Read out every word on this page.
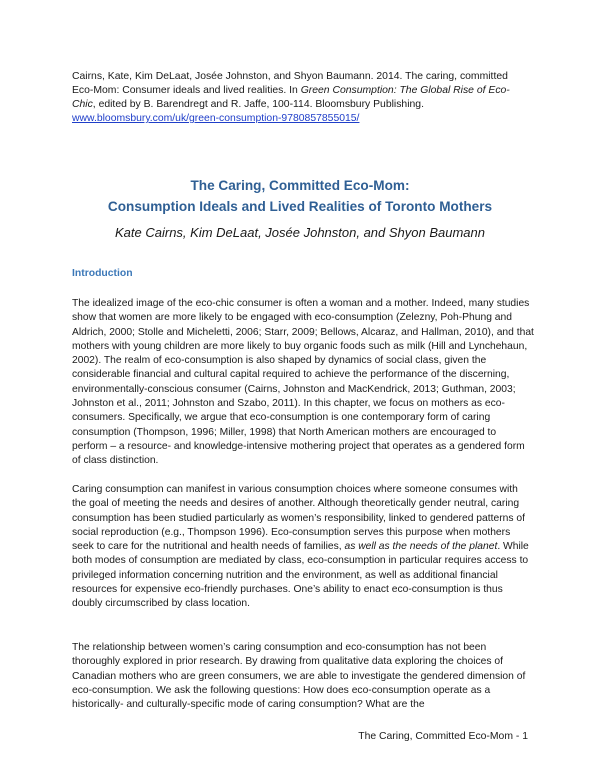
Cairns, Kate, Kim DeLaat, Josée Johnston, and Shyon Baumann. 2014. The caring, committed Eco-Mom: Consumer ideals and lived realities. In Green Consumption: The Global Rise of Eco-Chic, edited by B. Barendregt and R. Jaffe, 100-114. Bloomsbury Publishing.
www.bloomsbury.com/uk/green-consumption-9780857855015/
The Caring, Committed Eco-Mom:
Consumption Ideals and Lived Realities of Toronto Mothers
Kate Cairns, Kim DeLaat, Josée Johnston, and Shyon Baumann
Introduction

The idealized image of the eco-chic consumer is often a woman and a mother. Indeed, many studies show that women are more likely to be engaged with eco-consumption (Zelezny, Poh-Phung and Aldrich, 2000; Stolle and Micheletti, 2006; Starr, 2009; Bellows, Alcaraz, and Hallman, 2010), and that mothers with young children are more likely to buy organic foods such as milk (Hill and Lynchehaun, 2002). The realm of eco-consumption is also shaped by dynamics of social class, given the considerable financial and cultural capital required to achieve the performance of the discerning, environmentally-conscious consumer (Cairns, Johnston and MacKendrick, 2013; Guthman, 2003; Johnston et al., 2011; Johnston and Szabo, 2011). In this chapter, we focus on mothers as eco-consumers. Specifically, we argue that eco-consumption is one contemporary form of caring consumption (Thompson, 1996; Miller, 1998) that North American mothers are encouraged to perform – a resource- and knowledge-intensive mothering project that operates as a gendered form of class distinction.

Caring consumption can manifest in various consumption choices where someone consumes with the goal of meeting the needs and desires of another. Although theoretically gender neutral, caring consumption has been studied particularly as women’s responsibility, linked to gendered patterns of social reproduction (e.g., Thompson 1996). Eco-consumption serves this purpose when mothers seek to care for the nutritional and health needs of families, as well as the needs of the planet. While both modes of consumption are mediated by class, eco-consumption in particular requires access to privileged information concerning nutrition and the environment, as well as additional financial resources for expensive eco-friendly purchases. One’s ability to enact eco-consumption is thus doubly circumscribed by class location.

The relationship between women’s caring consumption and eco-consumption has not been thoroughly explored in prior research. By drawing from qualitative data exploring the choices of Canadian mothers who are green consumers, we are able to investigate the gendered dimension of eco-consumption. We ask the following questions: How does eco-consumption operate as a historically- and culturally-specific mode of caring consumption? What are the

The Caring, Committed Eco-Mom - 1
